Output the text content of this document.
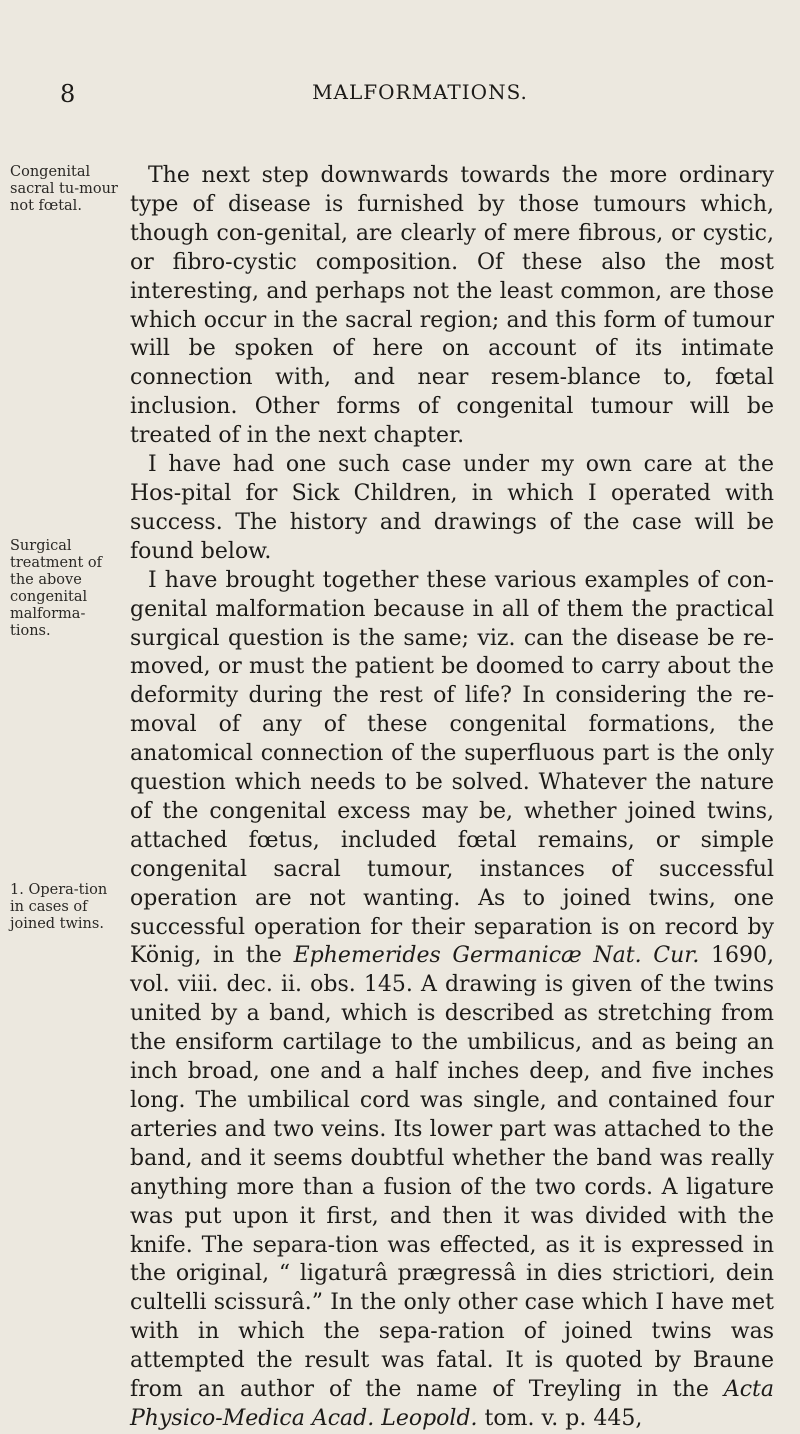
8	MALFORMATIONS.
Congenital sacral tu-mour not fœtal.
Surgical treatment of the above congenital malforma-tions.
1. Opera-tion in cases of joined twins.

The next step downwards towards the more ordinary type of disease is furnished by those tumours which, though con-genital, are clearly of mere fibrous, or cystic, or fibro-cystic composition. Of these also the most interesting, and perhaps not the least common, are those which occur in the sacral region; and this form of tumour will be spoken of here on account of its intimate connection with, and near resem-blance to, fœtal inclusion. Other forms of congenital tumour will be treated of in the next chapter.

I have had one such case under my own care at the Hos-pital for Sick Children, in which I operated with success. The history and drawings of the case will be found below.

I have brought together these various examples of con-genital malformation because in all of them the practical surgical question is the same; viz. can the disease be re-moved, or must the patient be doomed to carry about the deformity during the rest of life? In considering the re-moval of any of these congenital formations, the anatomical connection of the superfluous part is the only question which needs to be solved. Whatever the nature of the congenital excess may be, whether joined twins, attached fœtus, included fœtal remains, or simple congenital sacral tumour, instances of successful operation are not wanting. As to joined twins, one successful operation for their separation is on record by König, in the Ephemerides Germanicæ Nat. Cur. 1690, vol. viii. dec. ii. obs. 145. A drawing is given of the twins united by a band, which is described as stretching from the ensiform cartilage to the umbilicus, and as being an inch broad, one and a half inches deep, and five inches long. The umbilical cord was single, and contained four arteries and two veins. Its lower part was attached to the band, and it seems doubtful whether the band was really anything more than a fusion of the two cords. A ligature was put upon it first, and then it was divided with the knife. The separa-tion was effected, as it is expressed in the original, “ ligaturâ prægressâ in dies strictiori, dein cultelli scissurâ.” In the only other case which I have met with in which the sepa-ration of joined twins was attempted the result was fatal. It is quoted by Braune from an author of the name of Treyling in the Acta Physico-Medica Acad. Leopold. tom. v. p. 445,
